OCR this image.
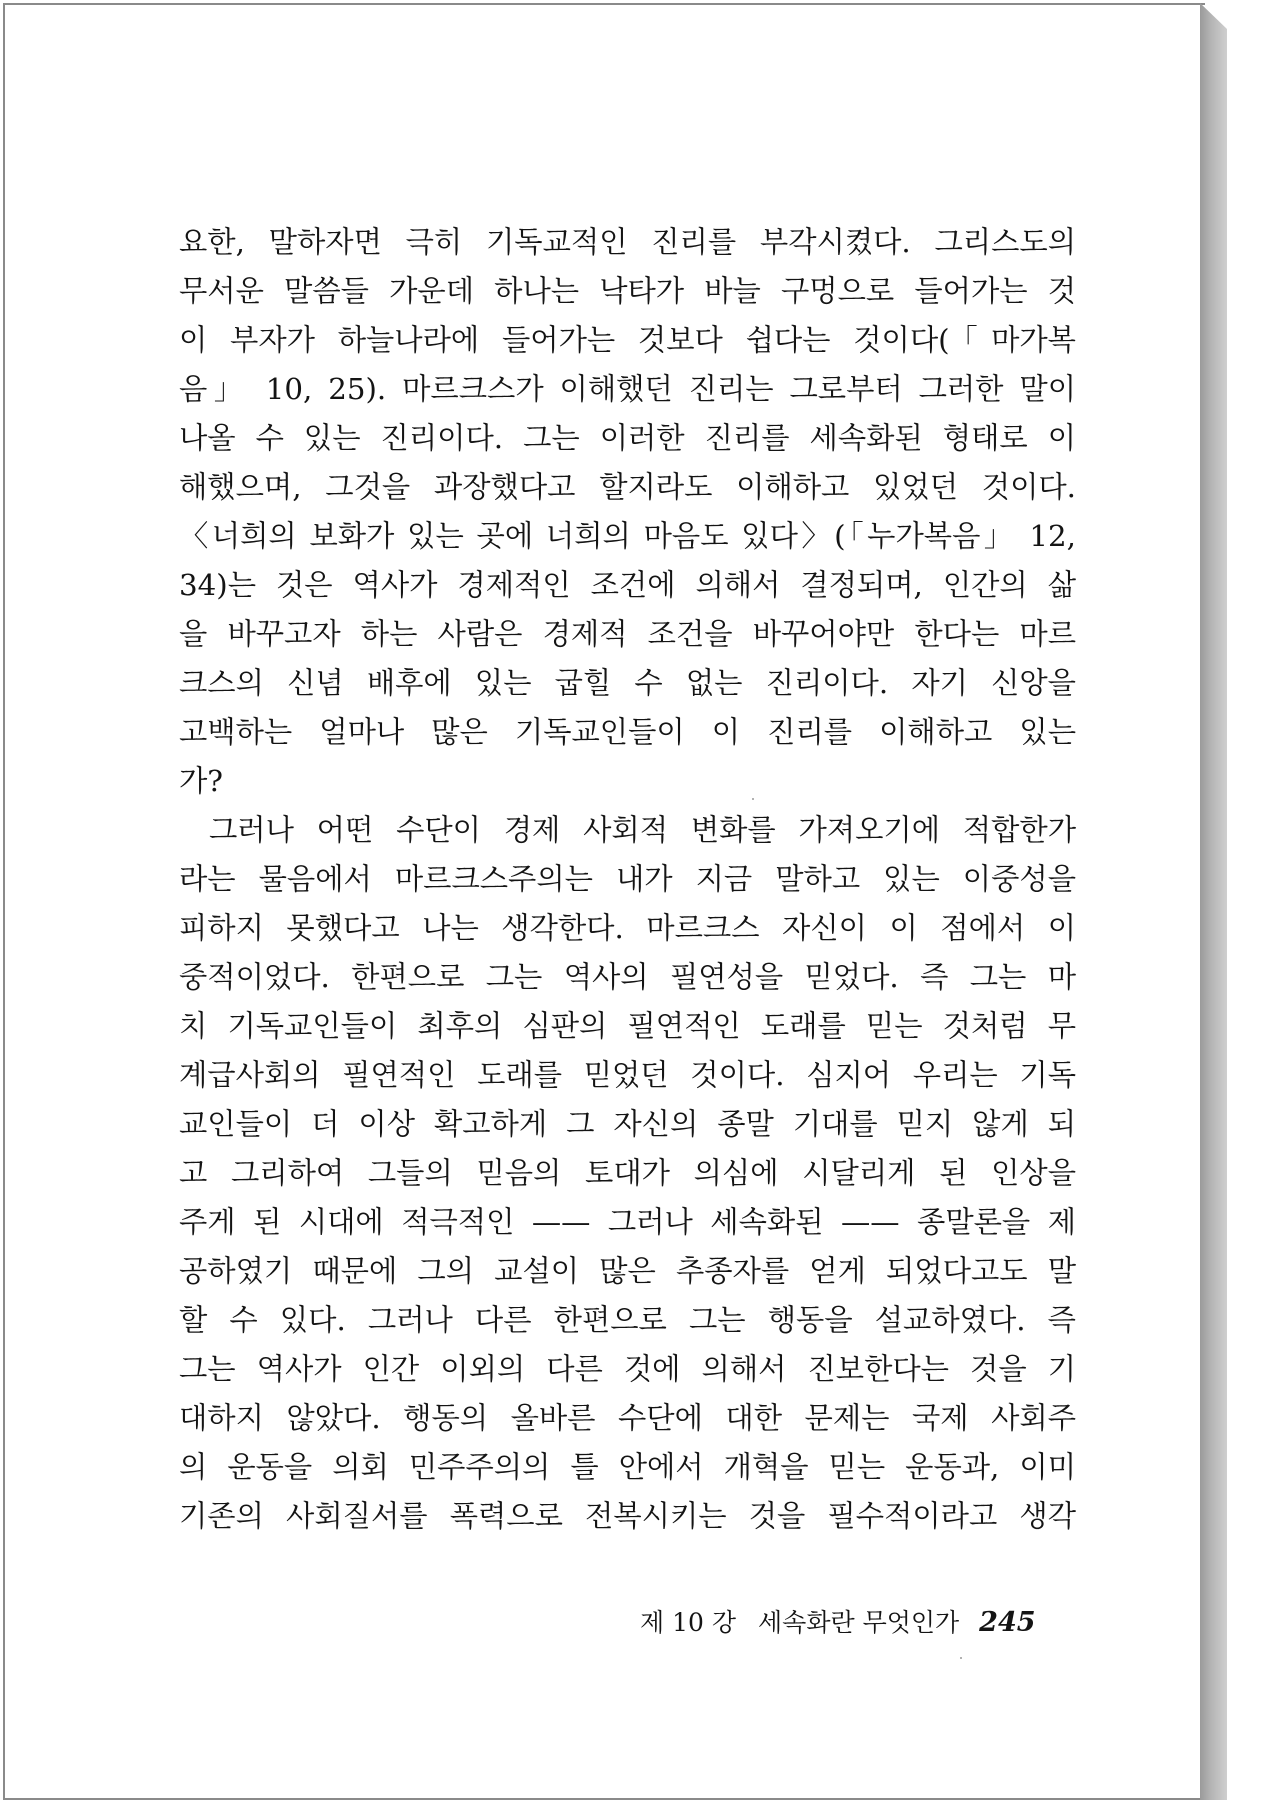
요한, 말하자면 극히 기독교적인 진리를 부각시켰다. 그리스도의
무서운 말씀들 가운데 하나는 낙타가 바늘 구멍으로 들어가는 것
이 부자가 하늘나라에 들어가는 것보다 쉽다는 것이다(「마가복
음」 10, 25). 마르크스가 이해했던 진리는 그로부터 그러한 말이
나올 수 있는 진리이다. 그는 이러한 진리를 세속화된 형태로 이
해했으며, 그것을 과장했다고 할지라도 이해하고 있었던 것이다.
〈너희의 보화가 있는 곳에 너희의 마음도 있다〉(「누가복음」 12,
34)는 것은 역사가 경제적인 조건에 의해서 결정되며, 인간의 삶
을 바꾸고자 하는 사람은 경제적 조건을 바꾸어야만 한다는 마르
크스의 신념 배후에 있는 굽힐 수 없는 진리이다. 자기 신앙을
고백하는 얼마나 많은 기독교인들이 이 진리를 이해하고 있는
가?
그러나 어떤 수단이 경제 사회적 변화를 가져오기에 적합한가
라는 물음에서 마르크스주의는 내가 지금 말하고 있는 이중성을
피하지 못했다고 나는 생각한다. 마르크스 자신이 이 점에서 이
중적이었다. 한편으로 그는 역사의 필연성을 믿었다. 즉 그는 마
치 기독교인들이 최후의 심판의 필연적인 도래를 믿는 것처럼 무
계급사회의 필연적인 도래를 믿었던 것이다. 심지어 우리는 기독
교인들이 더 이상 확고하게 그 자신의 종말 기대를 믿지 않게 되
고 그리하여 그들의 믿음의 토대가 의심에 시달리게 된 인상을
주게 된 시대에 적극적인 —— 그러나 세속화된 —— 종말론을 제
공하였기 때문에 그의 교설이 많은 추종자를 얻게 되었다고도 말
할 수 있다. 그러나 다른 한편으로 그는 행동을 설교하였다. 즉
그는 역사가 인간 이외의 다른 것에 의해서 진보한다는 것을 기
대하지 않았다. 행동의 올바른 수단에 대한 문제는 국제 사회주
의 운동을 의회 민주주의의 틀 안에서 개혁을 믿는 운동과, 이미
기존의 사회질서를 폭력으로 전복시키는 것을 필수적이라고 생각
제 10 강 세속화란 무엇인가 245
